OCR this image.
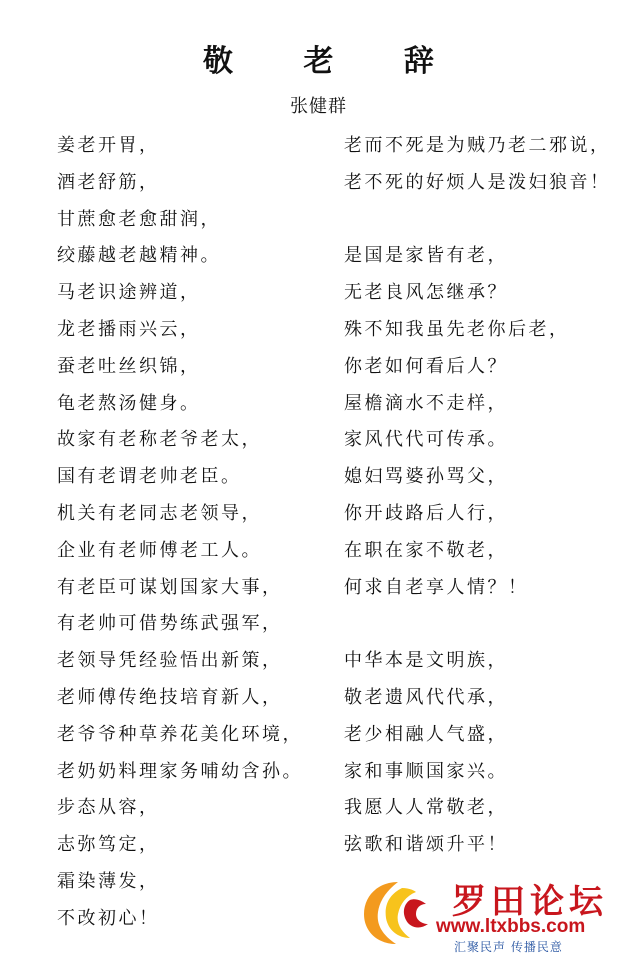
敬 老 辞
张健群
姜老开胃，
酒老舒筋，
甘蔗愈老愈甜润，
绞藤越老越精神。
马老识途辨道，
龙老播雨兴云，
蚕老吐丝织锦，
龟老熬汤健身。
故家有老称老爷老太，
国有老谓老帅老臣。
机关有老同志老领导，
企业有老师傅老工人。
有老臣可谋划国家大事，
有老帅可借势练武强军，
老领导凭经验悟出新策，
老师傅传绝技培育新人，
老爷爷种草养花美化环境，
老奶奶料理家务哺幼含孙。
步态从容，
志弥笃定，
霜染薄发，
不改初心！
老而不死是为贼乃老二邪说，
老不死的好烦人是泼妇狼音！
是国是家皆有老，
无老良风怎继承？
殊不知我虽先老你后老，
你老如何看后人？
屋檐滴水不走样，
家风代代可传承。
媳妇骂婆孙骂父，
你开歧路后人行，
在职在家不敬老，
何求自老享人情？！
中华本是文明族，
敬老遗风代代承，
老少相融人气盛，
家和事顺国家兴。
我愿人人常敬老，
弦歌和谐颂升平！
罗田论坛
www.ltxbbs.com
汇聚民声 传播民意
